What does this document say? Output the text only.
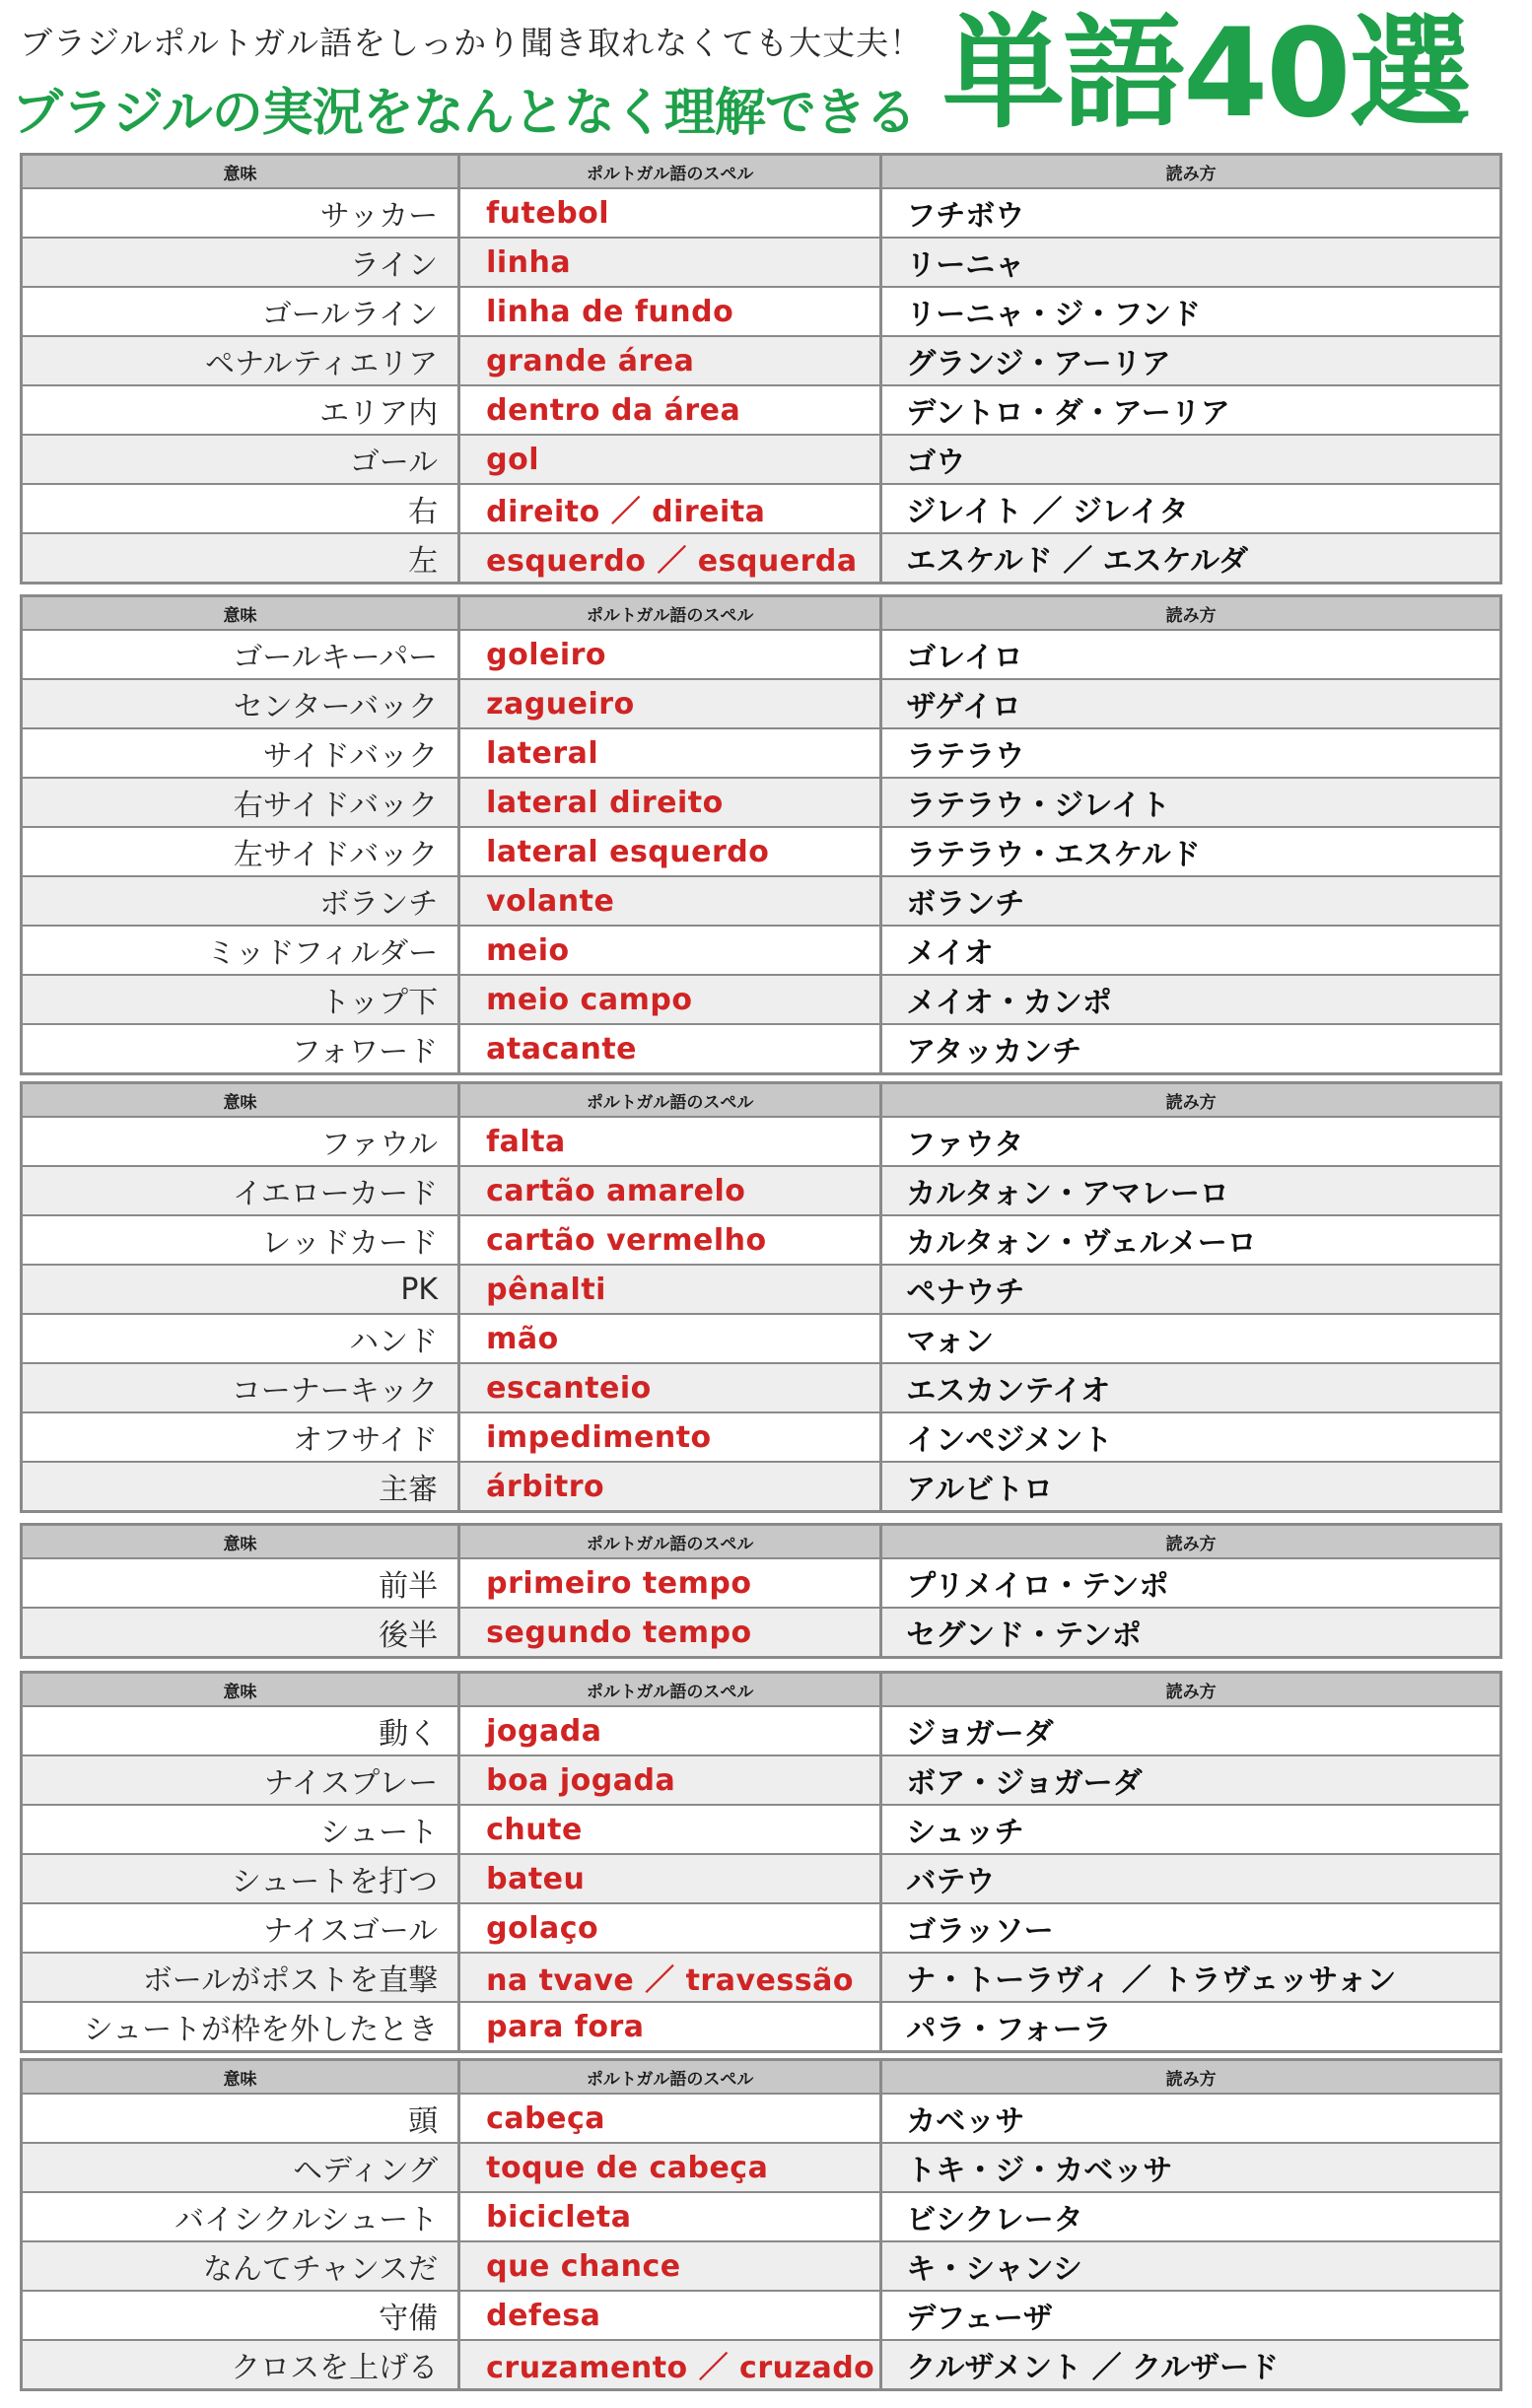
ブラジルポルトガル語をしっかり聞き取れなくても大丈夫！
ブラジルの実況をなんとなく理解できる 単語40選
意味	ポルトガル語のスペル	読み方
サッカー	futebol	フチボウ
ライン	linha	リーニャ
ゴールライン	linha de fundo	リーニャ・ジ・フンド
ペナルティエリア	grande área	グランジ・アーリア
エリア内	dentro da área	デントロ・ダ・アーリア
ゴール	gol	ゴウ
右	direito ／ direita	ジレイト ／ ジレイタ
左	esquerdo ／ esquerda	エスケルド ／ エスケルダ
意味	ポルトガル語のスペル	読み方
ゴールキーパー	goleiro	ゴレイロ
センターバック	zagueiro	ザゲイロ
サイドバック	lateral	ラテラウ
右サイドバック	lateral direito	ラテラウ・ジレイト
左サイドバック	lateral esquerdo	ラテラウ・エスケルド
ボランチ	volante	ボランチ
ミッドフィルダー	meio	メイオ
トップ下	meio campo	メイオ・カンポ
フォワード	atacante	アタッカンチ
意味	ポルトガル語のスペル	読み方
ファウル	falta	ファウタ
イエローカード	cartão amarelo	カルタォン・アマレーロ
レッドカード	cartão vermelho	カルタォン・ヴェルメーロ
PK	pênalti	ペナウチ
ハンド	mão	マォン
コーナーキック	escanteio	エスカンテイオ
オフサイド	impedimento	インペジメント
主審	árbitro	アルビトロ
意味	ポルトガル語のスペル	読み方
前半	primeiro tempo	プリメイロ・テンポ
後半	segundo tempo	セグンド・テンポ
意味	ポルトガル語のスペル	読み方
動く	jogada	ジョガーダ
ナイスプレー	boa jogada	ボア・ジョガーダ
シュート	chute	シュッチ
シュートを打つ	bateu	バテウ
ナイスゴール	golaço	ゴラッソー
ボールがポストを直撃	na tvave ／ travessão	ナ・トーラヴィ ／ トラヴェッサォン
シュートが枠を外したとき	para fora	パラ・フォーラ
意味	ポルトガル語のスペル	読み方
頭	cabeça	カベッサ
ヘディング	toque de cabeça	トキ・ジ・カベッサ
バイシクルシュート	bicicleta	ビシクレータ
なんてチャンスだ	que chance	キ・シャンシ
守備	defesa	デフェーザ
クロスを上げる	cruzamento ／ cruzado	クルザメント ／ クルザード
